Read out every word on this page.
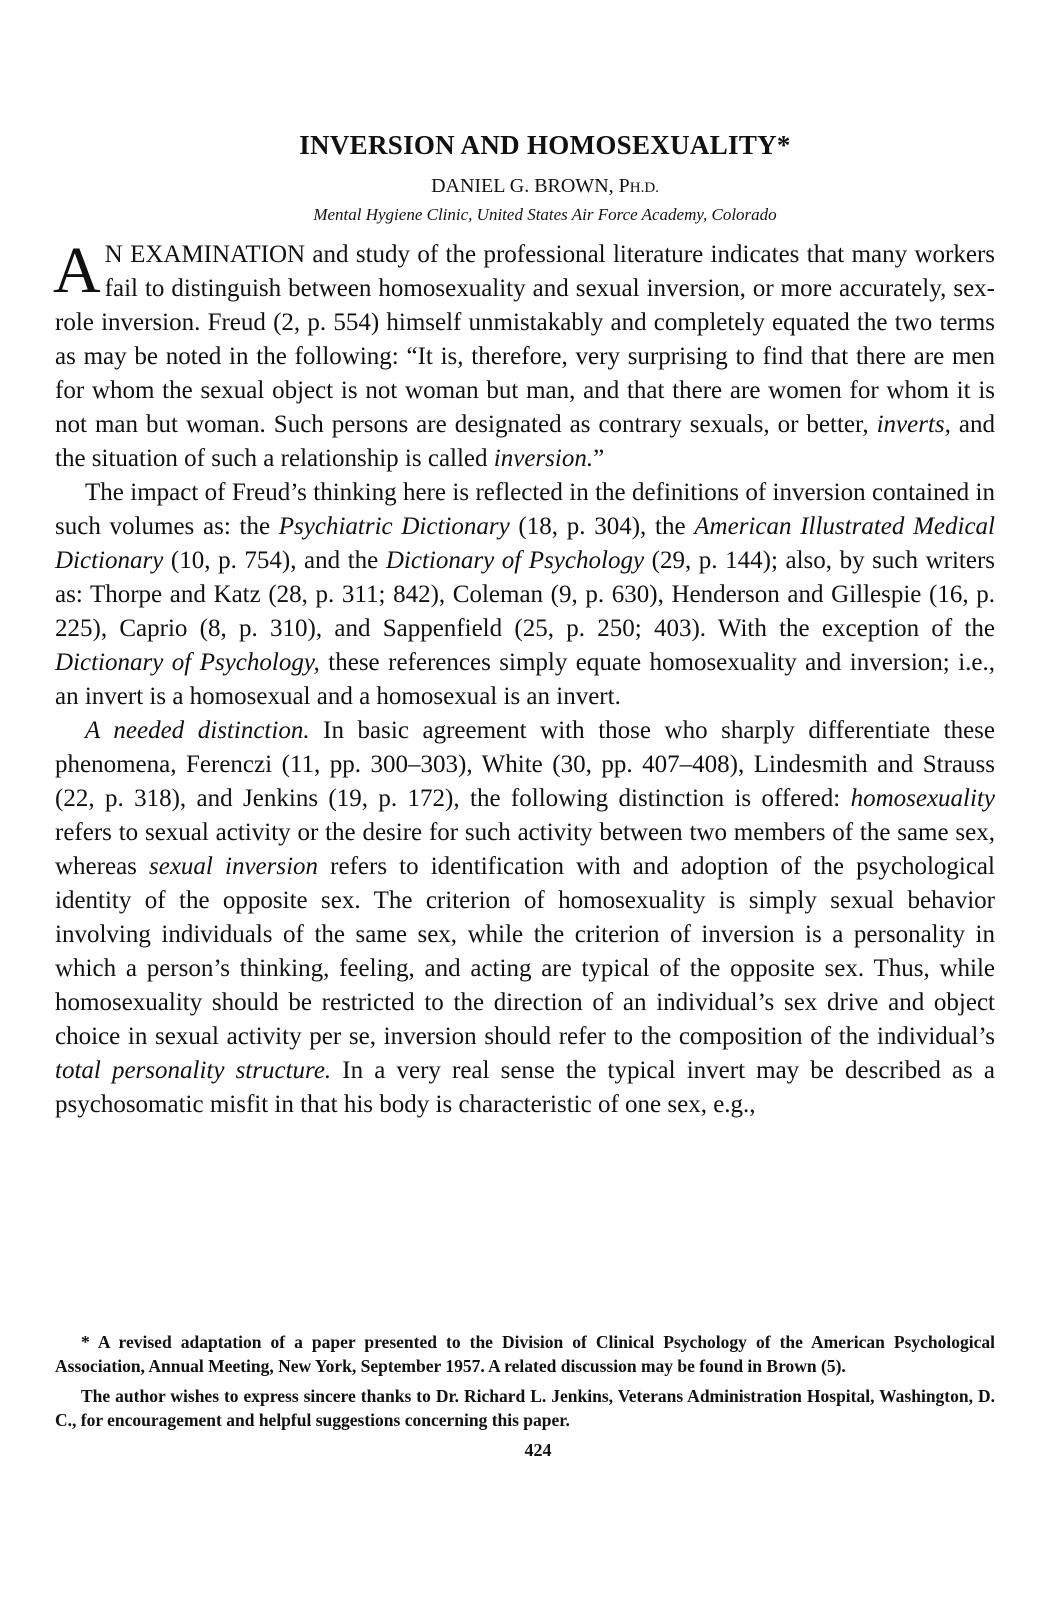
INVERSION AND HOMOSEXUALITY*
DANIEL G. BROWN, PH.D.
Mental Hygiene Clinic, United States Air Force Academy, Colorado

A N EXAMINATION and study of the professional literature indicates that many workers fail to distinguish between homosexuality and sexual inversion, or more accurately, sex-role inversion. Freud (2, p. 554) himself unmistakably and completely equated the two terms as may be noted in the following: “It is, therefore, very surprising to find that there are men for whom the sexual object is not woman but man, and that there are women for whom it is not man but woman. Such persons are designated as contrary sexuals, or better, inverts, and the situation of such a relationship is called inversion.”

The impact of Freud’s thinking here is reflected in the definitions of inversion contained in such volumes as: the Psychiatric Dictionary (18, p. 304), the American Illustrated Medical Dictionary (10, p. 754), and the Dictionary of Psychology (29, p. 144); also, by such writers as: Thorpe and Katz (28, p. 311; 842), Coleman (9, p. 630), Henderson and Gillespie (16, p. 225), Caprio (8, p. 310), and Sappenfield (25, p. 250; 403). With the exception of the Dictionary of Psychology, these references simply equate homosexuality and inversion; i.e., an invert is a homosexual and a homosexual is an invert.

A needed distinction. In basic agreement with those who sharply differentiate these phenomena, Ferenczi (11, pp. 300–303), White (30, pp. 407–408), Lindesmith and Strauss (22, p. 318), and Jenkins (19, p. 172), the following distinction is offered: homosexuality refers to sexual activity or the desire for such activity between two members of the same sex, whereas sexual inversion refers to identification with and adoption of the psychological identity of the opposite sex. The criterion of homosexuality is simply sexual behavior involving individuals of the same sex, while the criterion of inversion is a personality in which a person’s thinking, feeling, and acting are typical of the opposite sex. Thus, while homosexuality should be restricted to the direction of an individual’s sex drive and object choice in sexual activity per se, inversion should refer to the composition of the individual’s total personality structure. In a very real sense the typical invert may be described as a psychosomatic misfit in that his body is characteristic of one sex, e.g.,

* A revised adaptation of a paper presented to the Division of Clinical Psychology of the American Psychological Association, Annual Meeting, New York, September 1957. A related discussion may be found in Brown (5).

The author wishes to express sincere thanks to Dr. Richard L. Jenkins, Veterans Administration Hospital, Washington, D. C., for encouragement and helpful suggestions concerning this paper.

424
